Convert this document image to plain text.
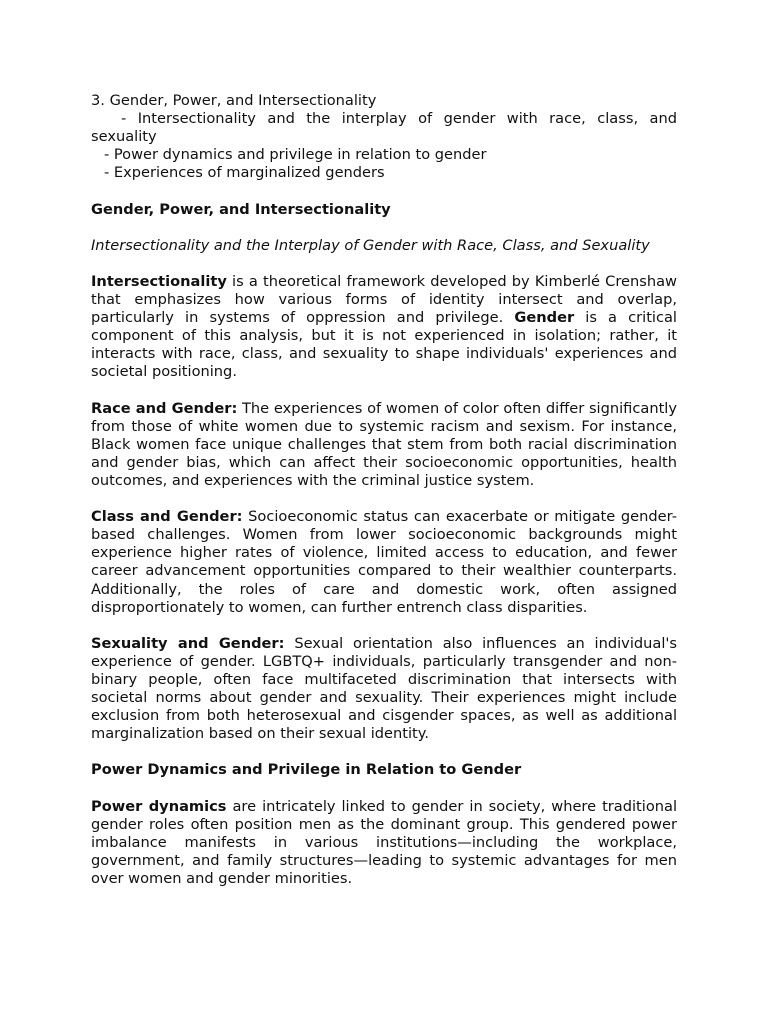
3. Gender, Power, and Intersectionality

- Intersectionality and the interplay of gender with race, class, and sexuality

- Power dynamics and privilege in relation to gender

- Experiences of marginalized genders

Gender, Power, and Intersectionality

Intersectionality and the Interplay of Gender with Race, Class, and Sexuality

Intersectionality is a theoretical framework developed by Kimberlé Crenshaw that emphasizes how various forms of identity intersect and overlap, particularly in systems of oppression and privilege. Gender is a critical component of this analysis, but it is not experienced in isolation; rather, it interacts with race, class, and sexuality to shape individuals' experiences and societal positioning.

Race and Gender: The experiences of women of color often differ significantly from those of white women due to systemic racism and sexism. For instance, Black women face unique challenges that stem from both racial discrimination and gender bias, which can affect their socioeconomic opportunities, health outcomes, and experiences with the criminal justice system.

Class and Gender: Socioeconomic status can exacerbate or mitigate gender-based challenges. Women from lower socioeconomic backgrounds might experience higher rates of violence, limited access to education, and fewer career advancement opportunities compared to their wealthier counterparts. Additionally, the roles of care and domestic work, often assigned disproportionately to women, can further entrench class disparities.

Sexuality and Gender: Sexual orientation also influences an individual's experience of gender. LGBTQ+ individuals, particularly transgender and non-binary people, often face multifaceted discrimination that intersects with societal norms about gender and sexuality. Their experiences might include exclusion from both heterosexual and cisgender spaces, as well as additional marginalization based on their sexual identity.

Power Dynamics and Privilege in Relation to Gender

Power dynamics are intricately linked to gender in society, where traditional gender roles often position men as the dominant group. This gendered power imbalance manifests in various institutions—including the workplace, government, and family structures—leading to systemic advantages for men over women and gender minorities.
